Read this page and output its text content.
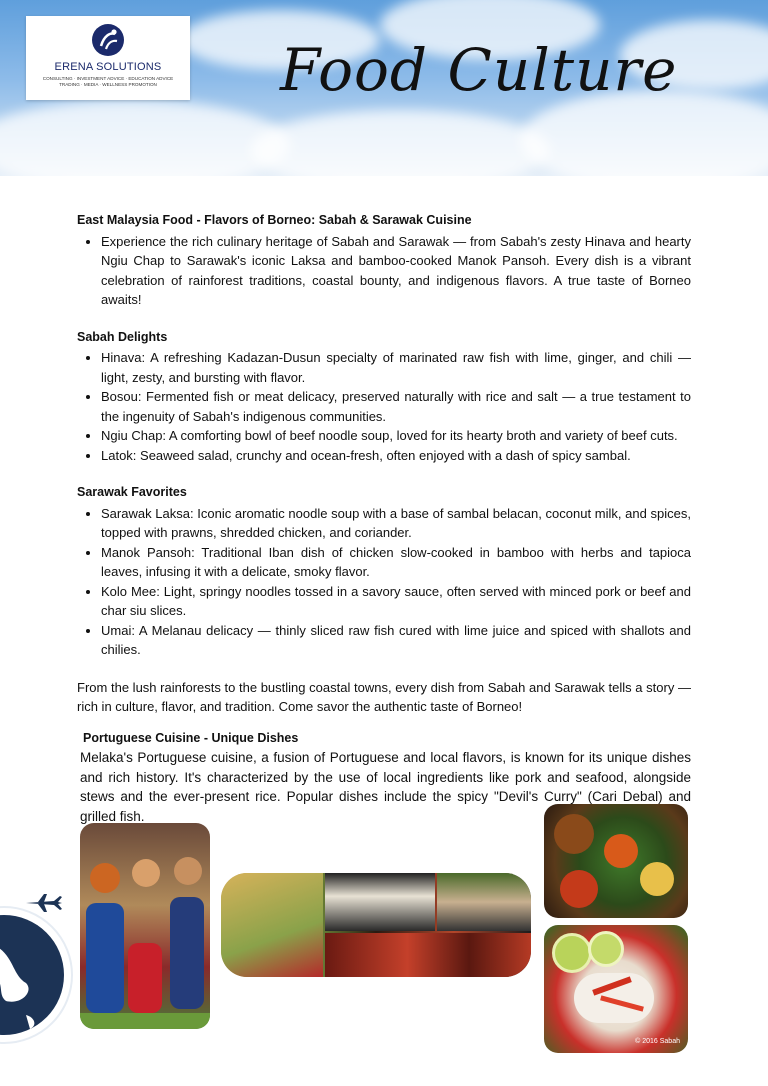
ERENA SOLUTIONS
CONSULTING · INVESTMENT ADVICE · EDUCATION ADVICE
TRADING · MEDIA · WELLNESS PROMOTION	Food Culture
East Malaysia Food - Flavors of Borneo: Sabah & Sarawak Cuisine
• Experience the rich culinary heritage of Sabah and Sarawak — from Sabah's zesty Hinava and hearty Ngiu Chap to Sarawak's iconic Laksa and bamboo-cooked Manok Pansoh. Every dish is a vibrant celebration of rainforest traditions, coastal bounty, and indigenous flavors. A true taste of Borneo awaits!
Sabah Delights
• Hinava: A refreshing Kadazan-Dusun specialty of marinated raw fish with lime, ginger, and chili — light, zesty, and bursting with flavor.
• Bosou: Fermented fish or meat delicacy, preserved naturally with rice and salt — a true testament to the ingenuity of Sabah's indigenous communities.
• Ngiu Chap: A comforting bowl of beef noodle soup, loved for its hearty broth and variety of beef cuts.
• Latok: Seaweed salad, crunchy and ocean-fresh, often enjoyed with a dash of spicy sambal.
Sarawak Favorites
• Sarawak Laksa: Iconic aromatic noodle soup with a base of sambal belacan, coconut milk, and spices, topped with prawns, shredded chicken, and coriander.
• Manok Pansoh: Traditional Iban dish of chicken slow-cooked in bamboo with herbs and tapioca leaves, infusing it with a delicate, smoky flavor.
• Kolo Mee: Light, springy noodles tossed in a savory sauce, often served with minced pork or beef and char siu slices.
• Umai: A Melanau delicacy — thinly sliced raw fish cured with lime juice and spiced with shallots and chilies.

From the lush rainforests to the bustling coastal towns, every dish from Sabah and Sarawak tells a story — rich in culture, flavor, and tradition. Come savor the authentic taste of Borneo!

Portuguese Cuisine - Unique Dishes

Melaka's Portuguese cuisine, a fusion of Portuguese and local flavors, is known for its unique dishes and rich history. It's characterized by the use of local ingredients like pork and seafood, alongside stews and the ever-present rice. Popular dishes include the spicy "Devil's Curry" (Cari Debal) and grilled fish.

© 2016 Sabah
